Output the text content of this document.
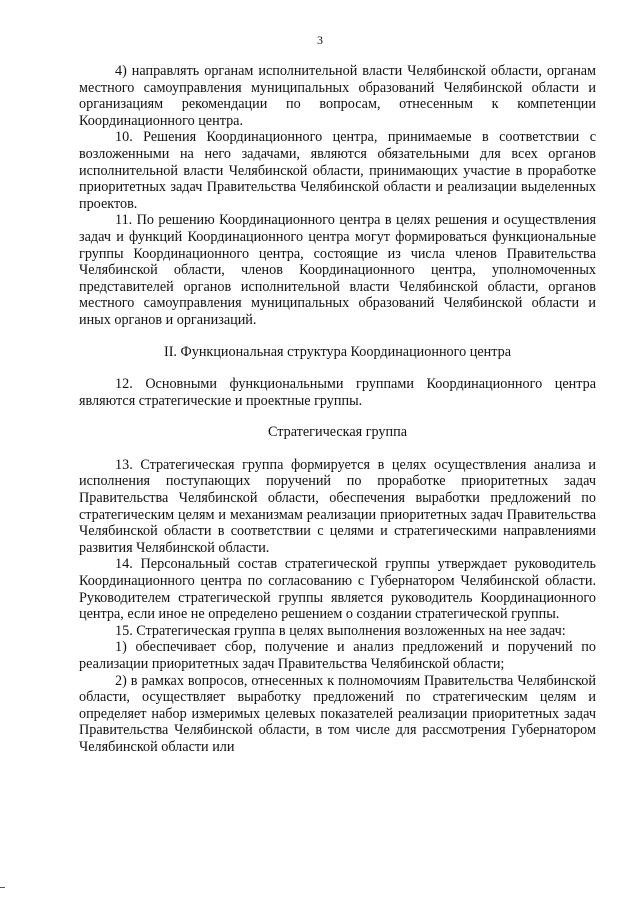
3

4) направлять органам исполнительной власти Челябинской области, органам местного самоуправления муниципальных образований Челябинской области и организациям рекомендации по вопросам, отнесенным к компетенции Координационного центра.

10. Решения Координационного центра, принимаемые в соответствии с возложенными на него задачами, являются обязательными для всех органов исполнительной власти Челябинской области, принимающих участие в проработке приоритетных задач Правительства Челябинской области и реализации выделенных проектов.

11. По решению Координационного центра в целях решения и осуществления задач и функций Координационного центра могут формироваться функциональные группы Координационного центра, состоящие из числа членов Правительства Челябинской области, членов Координационного центра, уполномоченных представителей органов исполнительной власти Челябинской области, органов местного самоуправления муниципальных образований Челябинской области и иных органов и организаций.

II. Функциональная структура Координационного центра

12. Основными функциональными группами Координационного центра являются стратегические и проектные группы.

Стратегическая группа

13. Стратегическая группа формируется в целях осуществления анализа и исполнения поступающих поручений по проработке приоритетных задач Правительства Челябинской области, обеспечения выработки предложений по стратегическим целям и механизмам реализации приоритетных задач Правительства Челябинской области в соответствии с целями и стратегическими направлениями развития Челябинской области.

14. Персональный состав стратегической группы утверждает руководитель Координационного центра по согласованию с Губернатором Челябинской области. Руководителем стратегической группы является руководитель Координационного центра, если иное не определено решением о создании стратегической группы.

15. Стратегическая группа в целях выполнения возложенных на нее задач:

1) обеспечивает сбор, получение и анализ предложений и поручений по реализации приоритетных задач Правительства Челябинской области;

2) в рамках вопросов, отнесенных к полномочиям Правительства Челябинской области, осуществляет выработку предложений по стратегическим целям и определяет набор измеримых целевых показателей реализации приоритетных задач Правительства Челябинской области, в том числе для рассмотрения Губернатором Челябинской области или
